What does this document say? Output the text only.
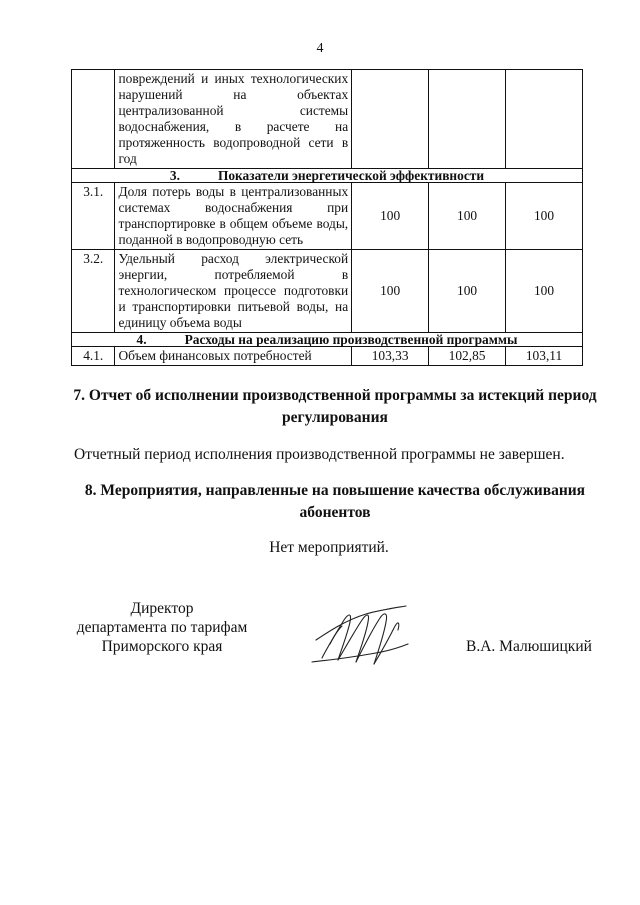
4
	повреждений и иных технологических нарушений на объектах централизованной системы водоснабжения, в расчете на протяженность водопроводной сети в год			
3. Показатели энергетической эффективности				
3.1.	Доля потерь воды в централизованных системах водоснабжения при транспортировке в общем объеме воды, поданной в водопроводную сеть	100	100	100
3.2.	Удельный расход электрической энергии, потребляемой в технологическом процессе подготовки и транспортировки питьевой воды, на единицу объема воды	100	100	100
4. Расходы на реализацию производственной программы				
4.1.	Объем финансовых потребностей	103,33	102,85	103,11
7. Отчет об исполнении производственной программы за истекций период регулирования
Отчетный период исполнения производственной программы не завершен.
8. Мероприятия, направленные на повышение качества обслуживания абонентов
Нет мероприятий.
Директор
департамента по тарифам
Приморского края	В.А. Малюшицкий
